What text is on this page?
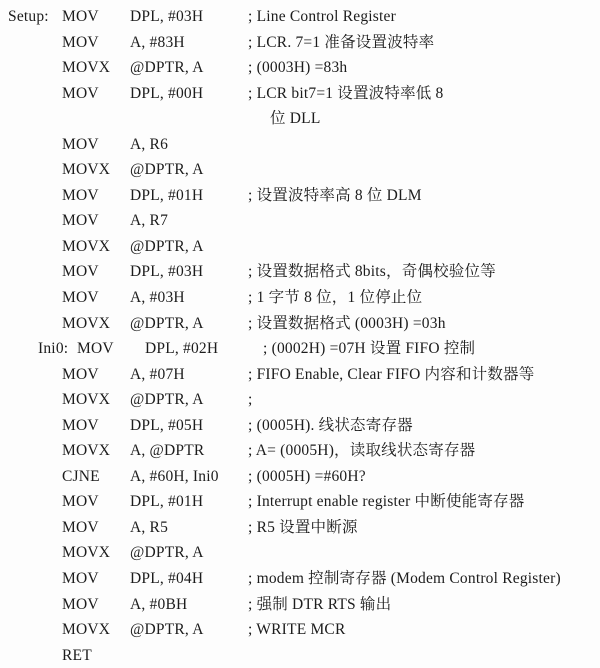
Setup: MOV	DPL, #03H	; Line Control Register
MOV	A, #83H	; LCR. 7=1 准备设置波特率
MOVX	@DPTR, A	; (0003H) =83h
MOV	DPL, #00H	; LCR bit7=1 设置波特率低 8
位 DLL
MOV	A, R6
MOVX	@DPTR, A
MOV	DPL, #01H	; 设置波特率高 8 位 DLM
MOV	A, R7
MOVX	@DPTR, A
MOV	DPL, #03H	; 设置数据格式 8bits，奇偶校验位等
MOV	A, #03H	; 1 字节 8 位，1 位停止位
MOVX	@DPTR, A	; 设置数据格式 (0003H) =03h
Ini0: MOV	DPL, #02H	; (0002H) =07H 设置 FIFO 控制
MOV	A, #07H	; FIFO Enable, Clear FIFO 内容和计数器等
MOVX	@DPTR, A	;
MOV	DPL, #05H	; (0005H). 线状态寄存器
MOVX	A, @DPTR	; A= (0005H)，读取线状态寄存器
CJNE	A, #60H, Ini0	; (0005H) =#60H?
MOV	DPL, #01H	; Interrupt enable register 中断使能寄存器
MOV	A, R5	; R5 设置中断源
MOVX	@DPTR, A
MOV	DPL, #04H	; modem 控制寄存器 (Modem Control Register)
MOV	A, #0BH	; 强制 DTR RTS 输出
MOVX	@DPTR, A	; WRITE MCR
RET
